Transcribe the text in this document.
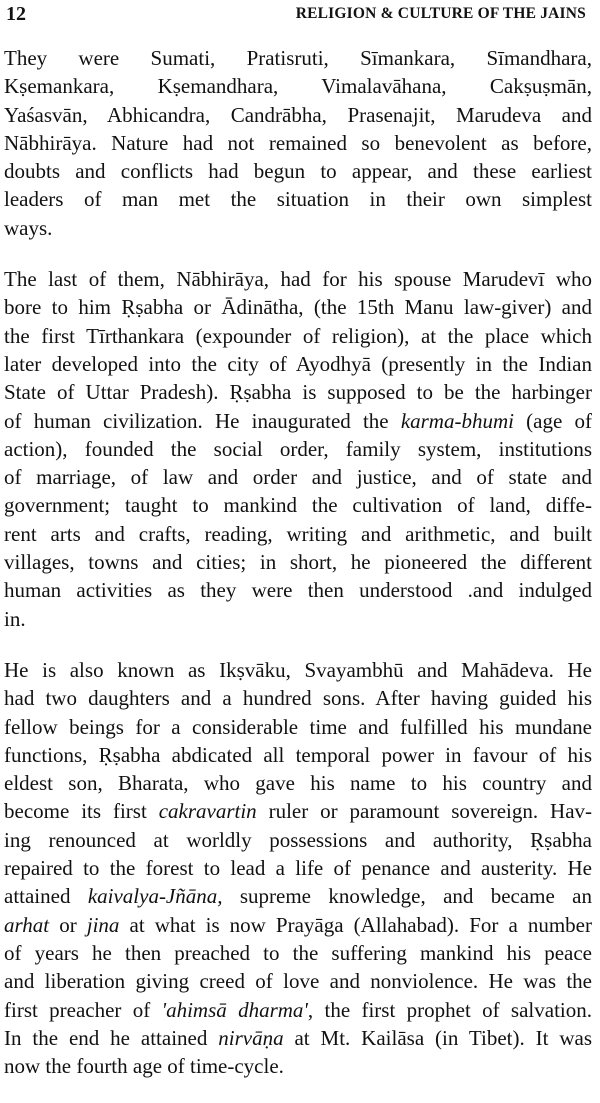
12	RELIGION & CULTURE OF THE JAINS

They were Sumati, Pratisruti, Sīmankara, Sīmandhara,
Kṣemankara, Kṣemandhara, Vimalavāhana, Cakṣuṣmān,
Yaśasvān, Abhicandra, Candrābha, Prasenajit, Marudeva and
Nābhirāya. Nature had not remained so benevolent as before,
doubts and conflicts had begun to appear, and these earliest
leaders of man met the situation in their own simplest
ways.

The last of them, Nābhirāya, had for his spouse Marudevī who
bore to him Ṛṣabha or Ādinātha, (the 15th Manu law-giver) and
the first Tīrthankara (expounder of religion), at the place which
later developed into the city of Ayodhyā (presently in the Indian
State of Uttar Pradesh). Ṛṣabha is supposed to be the harbinger
of human civilization. He inaugurated the karma-bhumi (age of
action), founded the social order, family system, institutions
of marriage, of law and order and justice, and of state and
government; taught to mankind the cultivation of land, diffe-
rent arts and crafts, reading, writing and arithmetic, and built
villages, towns and cities; in short, he pioneered the different
human activities as they were then understood .and indulged
in.

He is also known as Ikṣvāku, Svayambhū and Mahādeva. He
had two daughters and a hundred sons. After having guided his
fellow beings for a considerable time and fulfilled his mundane
functions, Ṛṣabha abdicated all temporal power in favour of his
eldest son, Bharata, who gave his name to his country and
become its first cakravartin ruler or paramount sovereign. Hav-
ing renounced at worldly possessions and authority, Ṛṣabha
repaired to the forest to lead a life of penance and austerity. He
attained kaivalya-Jñāna, supreme knowledge, and became an
arhat or jina at what is now Prayāga (Allahabad). For a number
of years he then preached to the suffering mankind his peace
and liberation giving creed of love and nonviolence. He was the
first preacher of 'ahimsā dharma', the first prophet of salvation.
In the end he attained nirvāṇa at Mt. Kailāsa (in Tibet). It was
now the fourth age of time-cycle.
